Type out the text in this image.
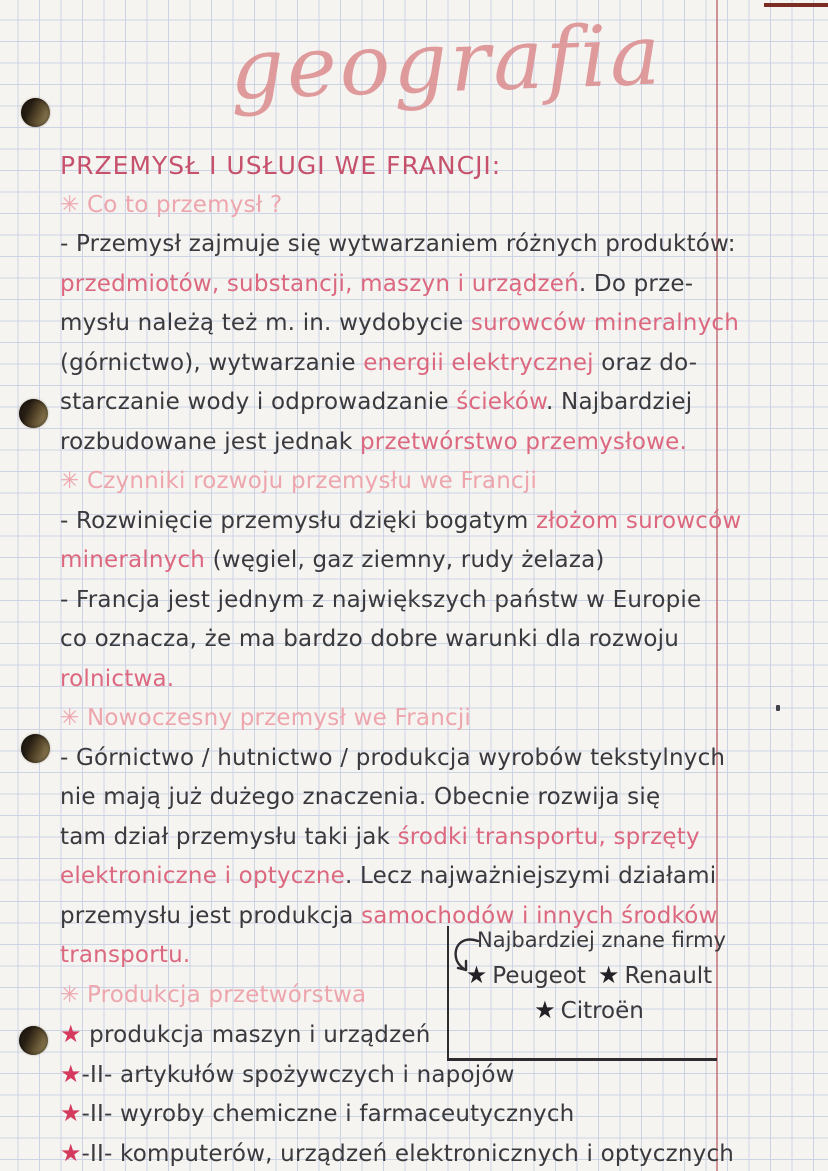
geografia
PRZEMYSŁ I USŁUGI WE FRANCJI:
✳ Co to przemysł ?
- Przemysł zajmuje się wytwarzaniem różnych produktów:
przedmiotów, substancji, maszyn i urządzeń. Do prze-
mysłu należą też m. in. wydobycie surowców mineralnych
(górnictwo), wytwarzanie energii elektrycznej oraz do-
starczanie wody i odprowadzanie ścieków. Najbardziej
rozbudowane jest jednak przetwórstwo przemysłowe.
✳ Czynniki rozwoju przemysłu we Francji
- Rozwinięcie przemysłu dzięki bogatym złożom surowców
mineralnych (węgiel, gaz ziemny, rudy żelaza)
- Francja jest jednym z największych państw w Europie
co oznacza, że ma bardzo dobre warunki dla rozwoju
rolnictwa.
✳ Nowoczesny przemysł we Francji
- Górnictwo / hutnictwo / produkcja wyrobów tekstylnych
nie mają już dużego znaczenia. Obecnie rozwija się
tam dział przemysłu taki jak środki transportu, sprzęty
elektroniczne i optyczne. Lecz najważniejszymi działami
przemysłu jest produkcja samochodów i innych środków
transportu.
✳ Produkcja przetwórstwa
★ produkcja maszyn i urządzeń
★-II- artykułów spożywczych i napojów
★-II- wyroby chemiczne i farmaceutycznych
★-II- komputerów, urządzeń elektronicznych i optycznych
Najbardziej znane firmy
★ Peugeot ★ Renault
★ Citroën
